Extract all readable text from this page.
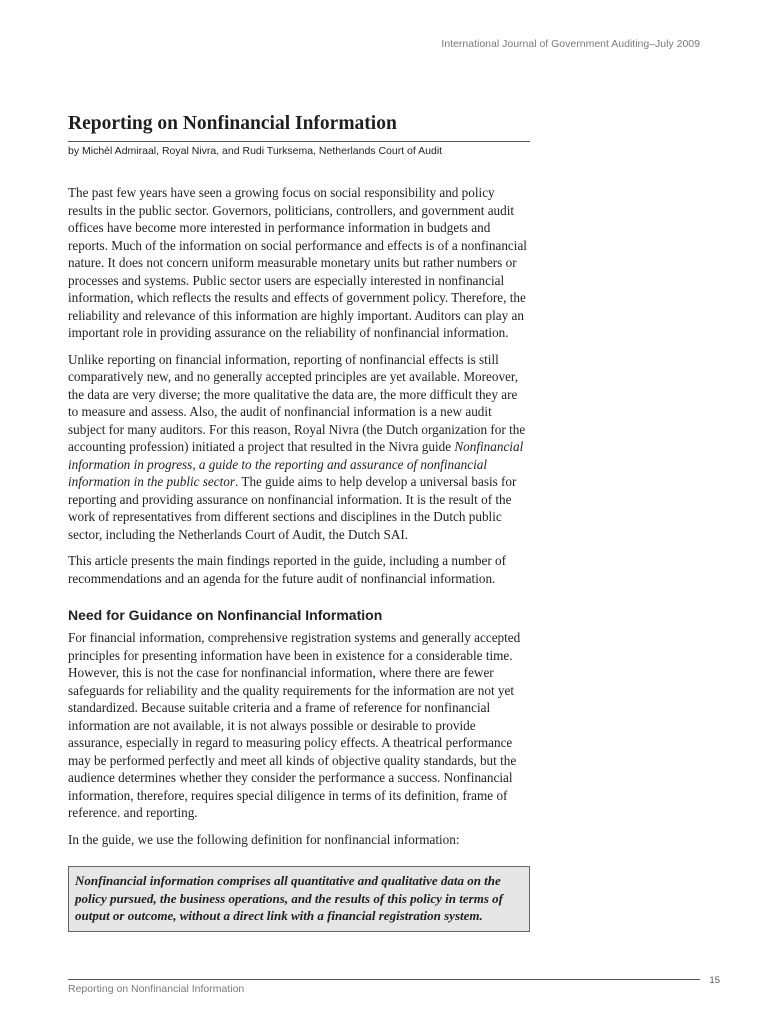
International Journal of Government Auditing–July 2009
Reporting on Nonfinancial Information
by Michèl Admiraal, Royal Nivra, and Rudi Turksema, Netherlands Court of Audit

The past few years have seen a growing focus on social responsibility and policy results in the public sector. Governors, politicians, controllers, and government audit offices have become more interested in performance information in budgets and reports. Much of the information on social performance and effects is of a nonfinancial nature. It does not concern uniform measurable monetary units but rather numbers or processes and systems. Public sector users are especially interested in nonfinancial information, which reflects the results and effects of government policy. Therefore, the reliability and relevance of this information are highly important. Auditors can play an important role in providing assurance on the reliability of nonfinancial information.

Unlike reporting on financial information, reporting of nonfinancial effects is still comparatively new, and no generally accepted principles are yet available. Moreover, the data are very diverse; the more qualitative the data are, the more difficult they are to measure and assess. Also, the audit of nonfinancial information is a new audit subject for many auditors. For this reason, Royal Nivra (the Dutch organization for the accounting profession) initiated a project that resulted in the Nivra guide Nonfinancial information in progress, a guide to the reporting and assurance of nonfinancial information in the public sector. The guide aims to help develop a universal basis for reporting and providing assurance on nonfinancial information. It is the result of the work of representatives from different sections and disciplines in the Dutch public sector, including the Netherlands Court of Audit, the Dutch SAI.

This article presents the main findings reported in the guide, including a number of recommendations and an agenda for the future audit of nonfinancial information.

Need for Guidance on Nonfinancial Information

For financial information, comprehensive registration systems and generally accepted principles for presenting information have been in existence for a considerable time. However, this is not the case for nonfinancial information, where there are fewer safeguards for reliability and the quality requirements for the information are not yet standardized. Because suitable criteria and a frame of reference for nonfinancial information are not available, it is not always possible or desirable to provide assurance, especially in regard to measuring policy effects. A theatrical performance may be performed perfectly and meet all kinds of objective quality standards, but the audience determines whether they consider the performance a success. Nonfinancial information, therefore, requires special diligence in terms of its definition, frame of reference. and reporting.

In the guide, we use the following definition for nonfinancial information:

Nonfinancial information comprises all quantitative and qualitative data on the policy pursued, the business operations, and the results of this policy in terms of output or outcome, without a direct link with a financial registration system.
Reporting on Nonfinancial Information
15
